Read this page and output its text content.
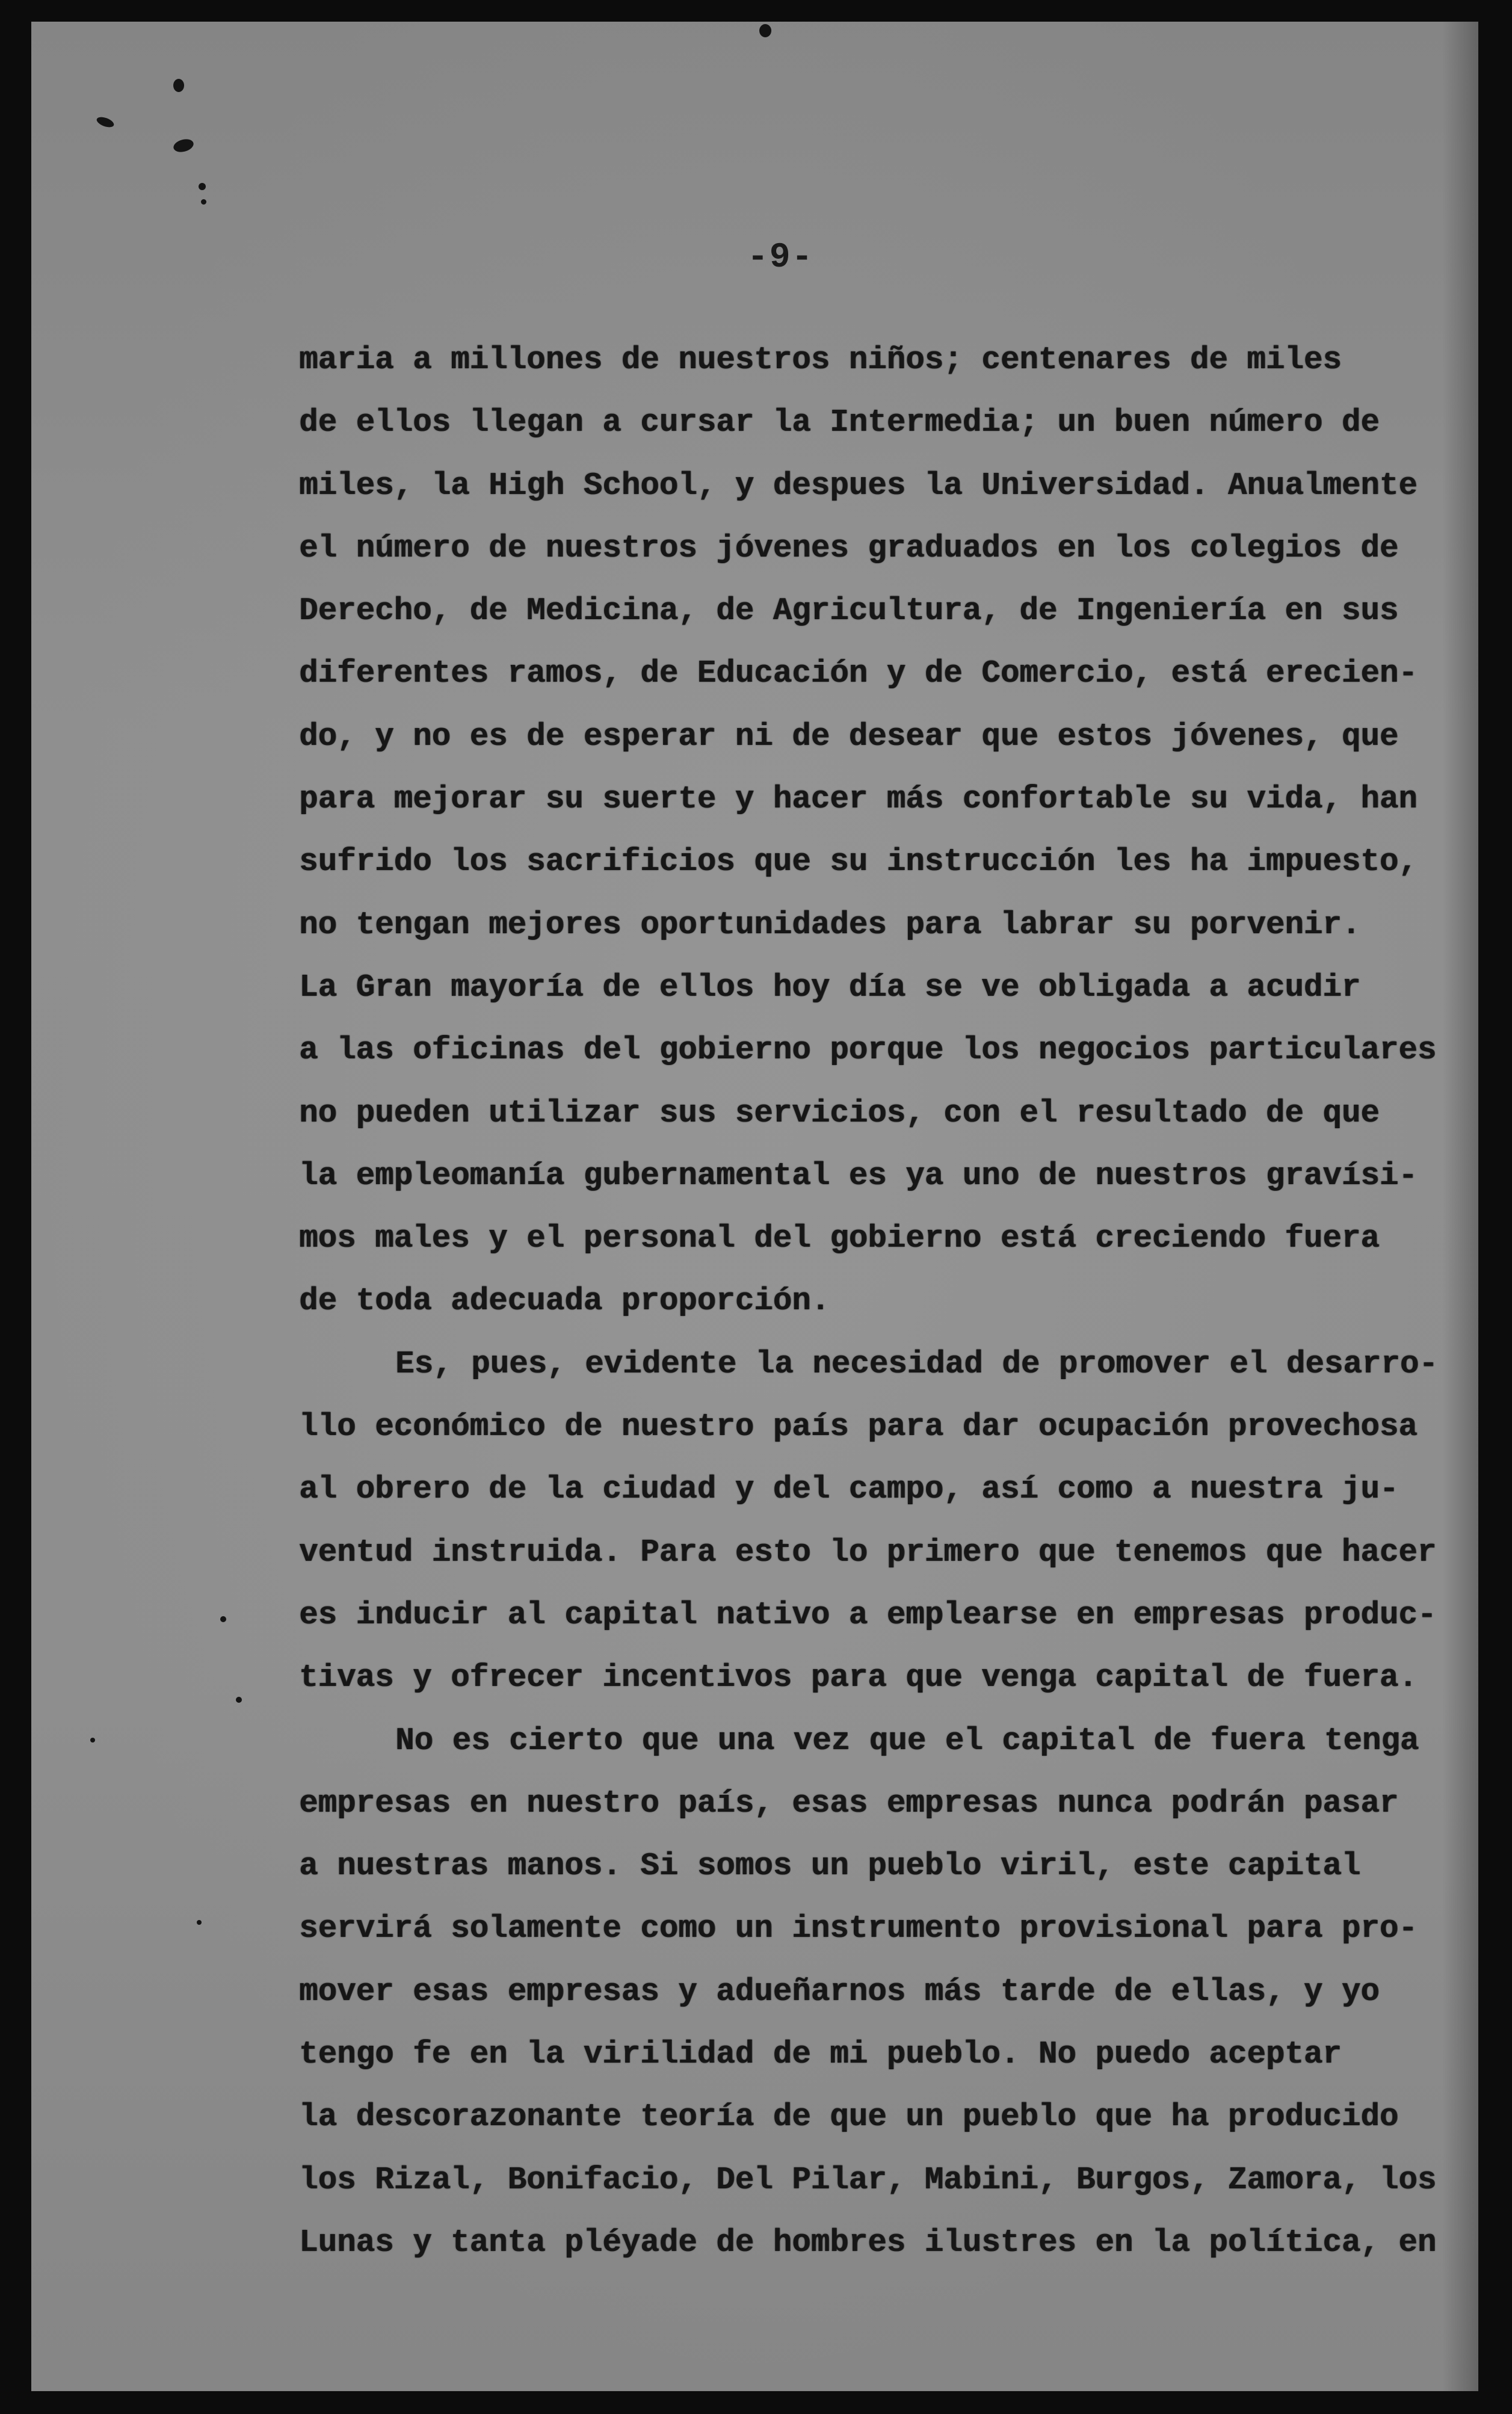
-9-
maria a millones de nuestros niños; centenares de miles
de ellos llegan a cursar la Intermedia; un buen número de
miles, la High School, y despues la Universidad. Anualmente
el número de nuestros jóvenes graduados en los colegios de
Derecho, de Medicina, de Agricultura, de Ingeniería en sus
diferentes ramos, de Educación y de Comercio, está erecien-
do, y no es de esperar ni de desear que estos jóvenes, que
para mejorar su suerte y hacer más confortable su vida, han
sufrido los sacrificios que su instrucción les ha impuesto,
no tengan mejores oportunidades para labrar su porvenir.
La Gran mayoría de ellos hoy día se ve obligada a acudir
a las oficinas del gobierno porque los negocios particulares
no pueden utilizar sus servicios, con el resultado de que
la empleomanía gubernamental es ya uno de nuestros gravísi-
mos males y el personal del gobierno está creciendo fuera
de toda adecuada proporción.
Es, pues, evidente la necesidad de promover el desarro-
llo económico de nuestro país para dar ocupación provechosa
al obrero de la ciudad y del campo, así como a nuestra ju-
ventud instruida. Para esto lo primero que tenemos que hacer
es inducir al capital nativo a emplearse en empresas produc-
tivas y ofrecer incentivos para que venga capital de fuera.
No es cierto que una vez que el capital de fuera tenga
empresas en nuestro país, esas empresas nunca podrán pasar
a nuestras manos. Si somos un pueblo viril, este capital
servirá solamente como un instrumento provisional para pro-
mover esas empresas y adueñarnos más tarde de ellas, y yo
tengo fe en la virilidad de mi pueblo. No puedo aceptar
la descorazonante teoría de que un pueblo que ha producido
los Rizal, Bonifacio, Del Pilar, Mabini, Burgos, Zamora, los
Lunas y tanta pléyade de hombres ilustres en la política, en
